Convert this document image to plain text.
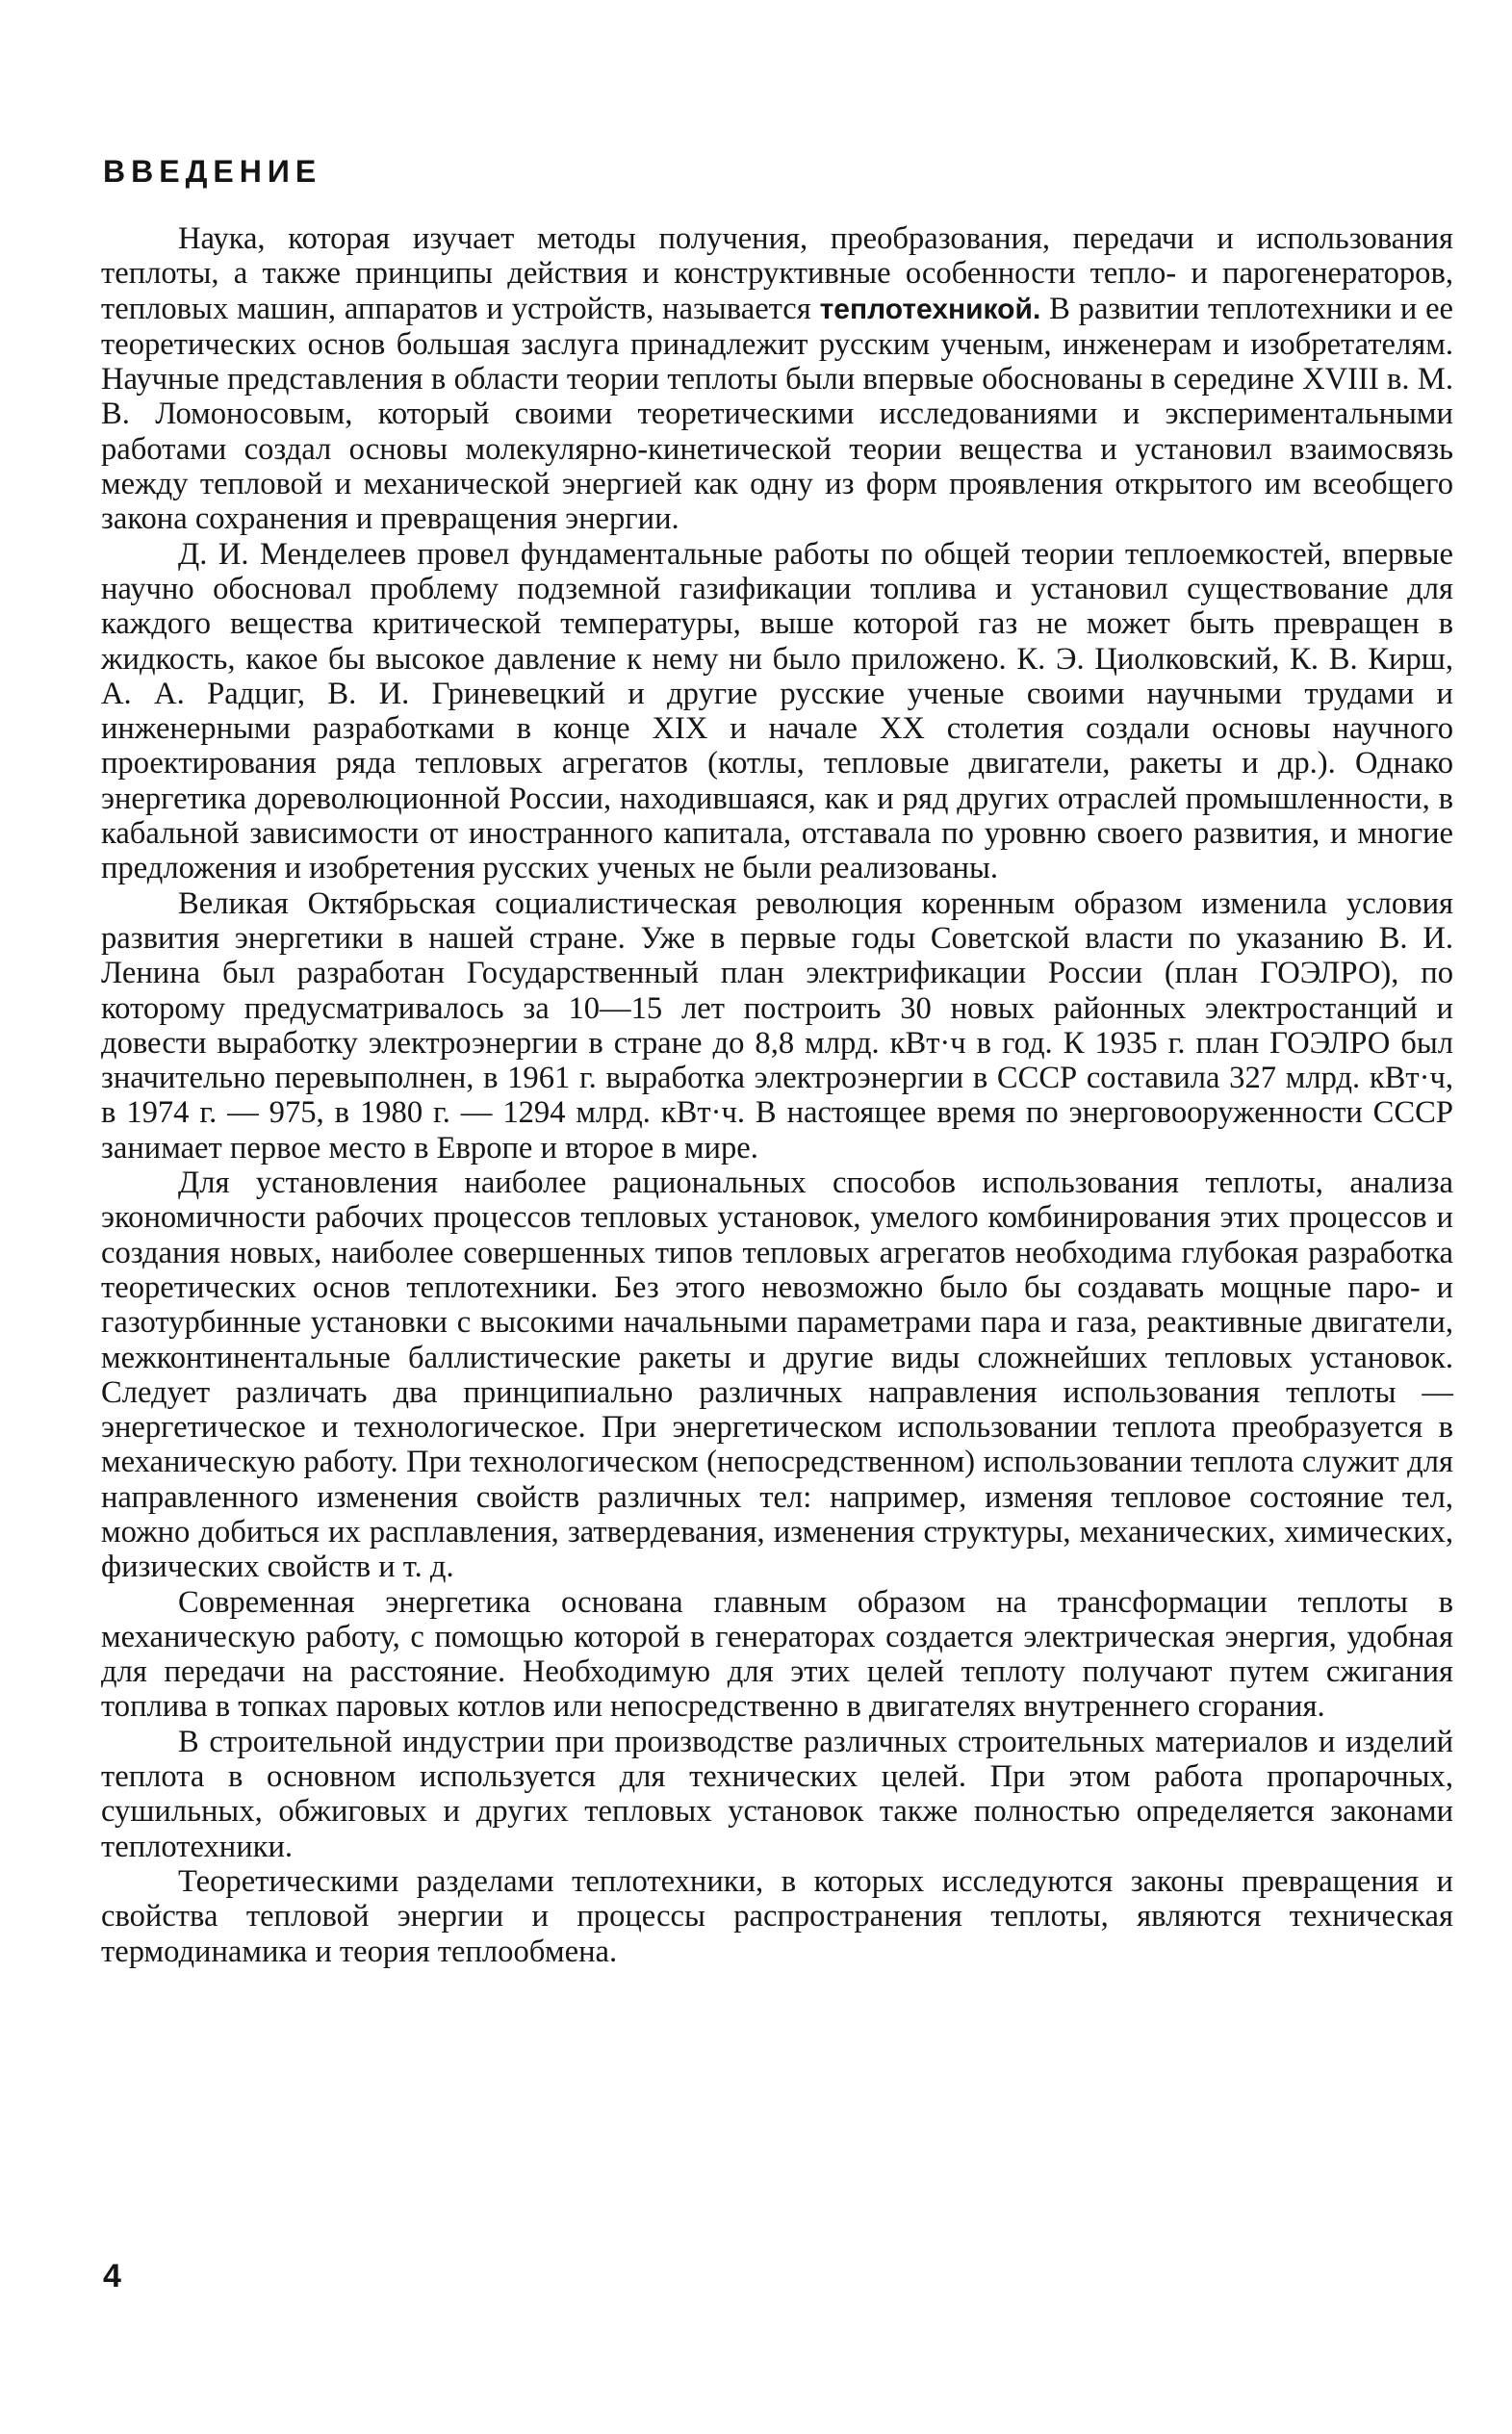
ВВЕДЕНИЕ

Наука, которая изучает методы получения, преобразования, передачи и использования теплоты, а также принципы действия и конструктивные особенности тепло- и парогенераторов, тепловых машин, аппаратов и устройств, называется теплотехникой. В развитии теплотехники и ее теоретических основ большая заслуга принадлежит русским ученым, инженерам и изобретателям. Научные представления в области теории теплоты были впервые обоснованы в середине XVIII в. М. В. Ломоносовым, который своими теоретическими исследованиями и экспериментальными работами создал основы молекулярно-кинетической теории вещества и установил взаимосвязь между тепловой и механической энергией как одну из форм проявления открытого им всеобщего закона сохранения и превращения энергии.

Д. И. Менделеев провел фундаментальные работы по общей теории теплоемкостей, впервые научно обосновал проблему подземной газификации топлива и установил существование для каждого вещества критической температуры, выше которой газ не может быть превращен в жидкость, какое бы высокое давление к нему ни было приложено. К. Э. Циолковский, К. В. Кирш, А. А. Радциг, В. И. Гриневецкий и другие русские ученые своими научными трудами и инженерными разработками в конце XIX и начале XX столетия создали основы научного проектирования ряда тепловых агрегатов (котлы, тепловые двигатели, ракеты и др.). Однако энергетика дореволюционной России, находившаяся, как и ряд других отраслей промышленности, в кабальной зависимости от иностранного капитала, отставала по уровню своего развития, и многие предложения и изобретения русских ученых не были реализованы.

Великая Октябрьская социалистическая революция коренным образом изменила условия развития энергетики в нашей стране. Уже в первые годы Советской власти по указанию В. И. Ленина был разработан Государственный план электрификации России (план ГОЭЛРО), по которому предусматривалось за 10—15 лет построить 30 новых районных электростанций и довести выработку электроэнергии в стране до 8,8 млрд. кВт·ч в год. К 1935 г. план ГОЭЛРО был значительно перевыполнен, в 1961 г. выработка электроэнергии в СССР составила 327 млрд. кВт·ч, в 1974 г. — 975, в 1980 г. — 1294 млрд. кВт·ч. В настоящее время по энерговооруженности СССР занимает первое место в Европе и второе в мире.

Для установления наиболее рациональных способов использования теплоты, анализа экономичности рабочих процессов тепловых установок, умелого комбинирования этих процессов и создания новых, наиболее совершенных типов тепловых агрегатов необходима глубокая разработка теоретических основ теплотехники. Без этого невозможно было бы создавать мощные паро- и газотурбинные установки с высокими начальными параметрами пара и газа, реактивные двигатели, межконтинентальные баллистические ракеты и другие виды сложнейших тепловых установок. Следует различать два принципиально различных направления использования теплоты — энергетическое и технологическое. При энергетическом использовании теплота преобразуется в механическую работу. При технологическом (непосредственном) использовании теплота служит для направленного изменения свойств различных тел: например, изменяя тепловое состояние тел, можно добиться их расплавления, затвердевания, изменения структуры, механических, химических, физических свойств и т. д.

Современная энергетика основана главным образом на трансформации теплоты в механическую работу, с помощью которой в генераторах создается электрическая энергия, удобная для передачи на расстояние. Необходимую для этих целей теплоту получают путем сжигания топлива в топках паровых котлов или непосредственно в двигателях внутреннего сгорания.

В строительной индустрии при производстве различных строительных материалов и изделий теплота в основном используется для технических целей. При этом работа пропарочных, сушильных, обжиговых и других тепловых установок также полностью определяется законами теплотехники.

Теоретическими разделами теплотехники, в которых исследуются законы превращения и свойства тепловой энергии и процессы распространения теплоты, являются техническая термодинамика и теория теплообмена.

4
